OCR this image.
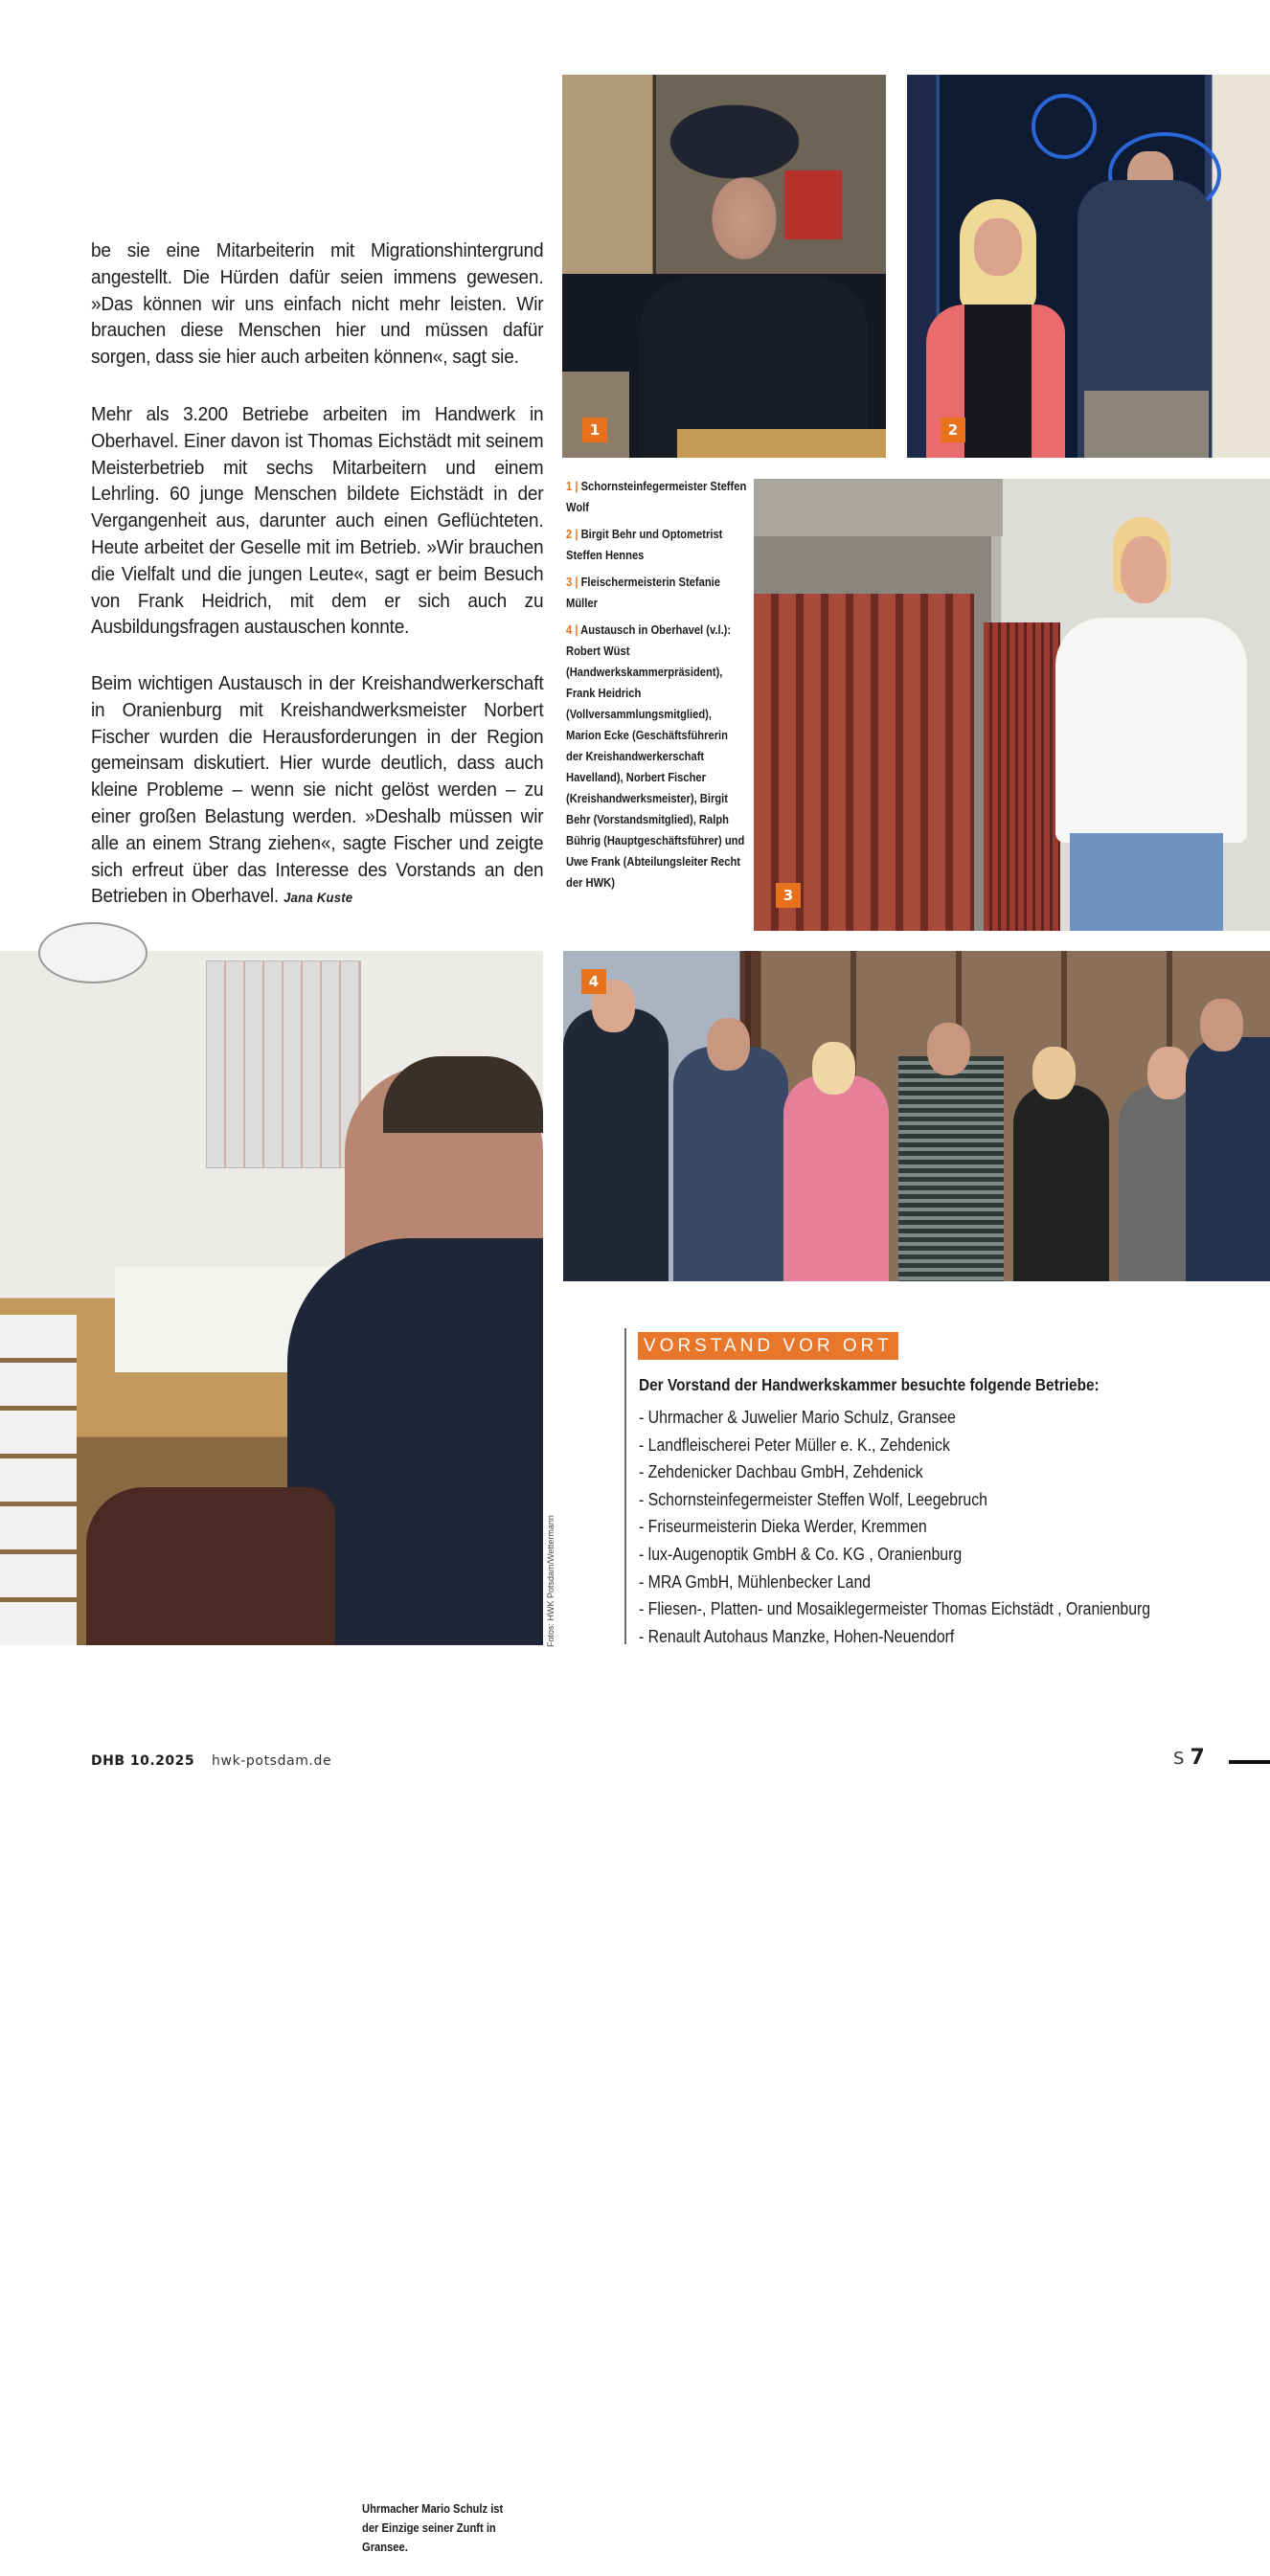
be sie eine Mitarbeiterin mit Migrationshintergrund angestellt. Die Hürden dafür seien immens gewesen. »Das können wir uns einfach nicht mehr leisten. Wir brauchen diese Menschen hier und müssen dafür sorgen, dass sie hier auch arbeiten können«, sagt sie.

Mehr als 3.200 Betriebe arbeiten im Handwerk in Oberhavel. Einer davon ist Thomas Eichstädt mit seinem Meisterbetrieb mit sechs Mitarbeitern und einem Lehrling. 60 junge Menschen bildete Eichstädt in der Vergangenheit aus, darunter auch einen Geflüchteten. Heute arbeitet der Geselle mit im Betrieb. »Wir brauchen die Vielfalt und die jungen Leute«, sagt er beim Besuch von Frank Heidrich, mit dem er sich auch zu Ausbildungsfragen austauschen konnte.

Beim wichtigen Austausch in der Kreishandwerkerschaft in Oranienburg mit Kreishandwerksmeister Norbert Fischer wurden die Herausforderungen in der Region gemeinsam diskutiert. Hier wurde deutlich, dass auch kleine Probleme – wenn sie nicht gelöst werden – zu einer großen Belastung werden. »Deshalb müssen wir alle an einem Strang ziehen«, sagte Fischer und zeigte sich erfreut über das Interesse des Vorstands an den Betrieben in Oberhavel. Jana Kuste

1	2
3
4
Uhrmacher Mario Schulz ist der Einzige seiner Zunft in Gransee.
Fotos: HWK Potsdam/Wettermann

1 | Schornsteinfegermeister Steffen Wolf

2 | Birgit Behr und Optometrist Steffen Hennes

3 | Fleischermeisterin Stefanie Müller

4 | Austausch in Oberhavel (v.l.): Robert Wüst (Handwerkskammerpräsident), Frank Heidrich (Vollversammlungsmitglied), Marion Ecke (Geschäftsführerin der Kreishandwerkerschaft Havelland), Norbert Fischer (Kreishandwerksmeister), Birgit Behr (Vorstandsmitglied), Ralph Bührig (Hauptgeschäftsführer) und Uwe Frank (Abteilungsleiter Recht der HWK)

VORSTAND VOR ORT
Der Vorstand der Handwerkskammer besuchte folgende Betriebe:
- Uhrmacher & Juwelier Mario Schulz, Gransee
- Landfleischerei Peter Müller e. K., Zehdenick
- Zehdenicker Dachbau GmbH, Zehdenick
- Schornsteinfegermeister Steffen Wolf, Leegebruch
- Friseurmeisterin Dieka Werder, Kremmen
- lux-Augenoptik GmbH & Co. KG , Oranienburg
- MRA GmbH, Mühlenbecker Land
- Fliesen-, Platten- und Mosaiklegermeister Thomas Eichstädt , Oranienburg
- Renault Autohaus Manzke, Hohen-Neuendorf
DHB 10.2025 hwk-potsdam.de	S 7
